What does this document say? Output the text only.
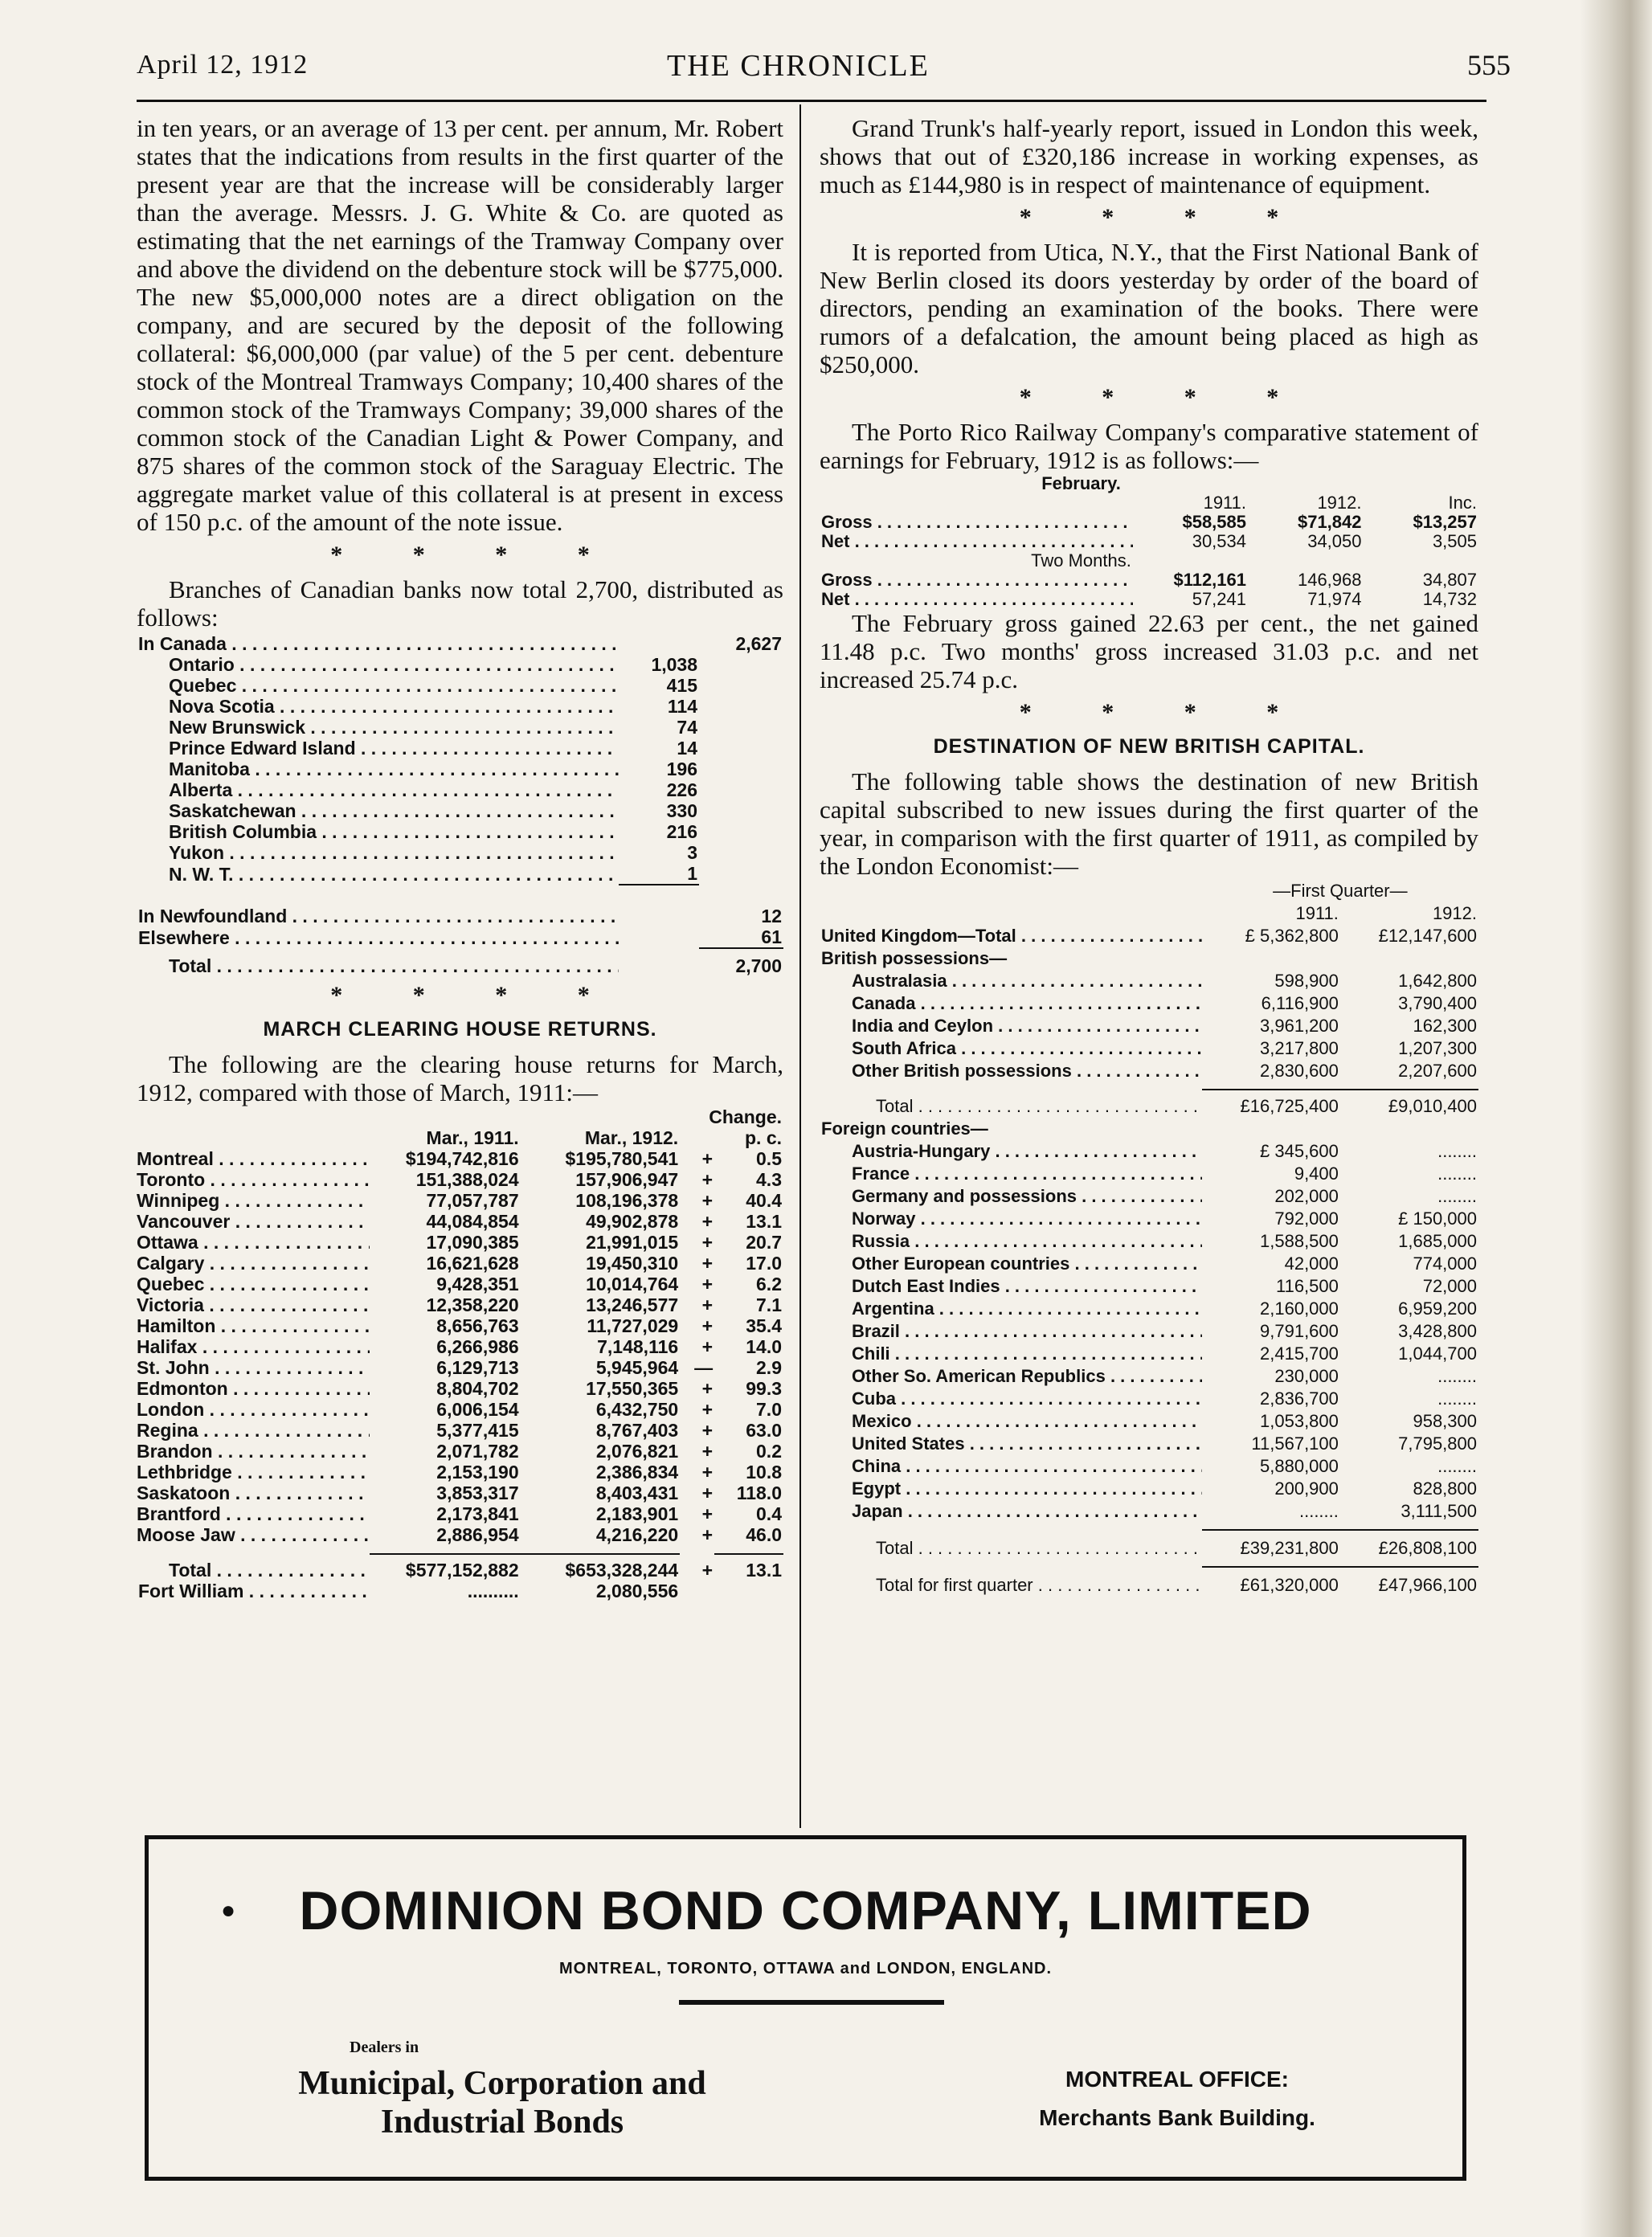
April 12, 1912	THE CHRONICLE	555

in ten years, or an average of 13 per cent. per annum, Mr. Robert states that the indications from results in the first quarter of the present year are that the increase will be considerably larger than the average. Messrs. J. G. White & Co. are quoted as estimating that the net earnings of the Tramway Company over and above the dividend on the debenture stock will be $775,000. The new $5,000,000 notes are a direct obligation on the company, and are secured by the deposit of the following collateral: $6,000,000 (par value) of the 5 per cent. debenture stock of the Montreal Tramways Company; 10,400 shares of the common stock of the Tramways Company; 39,000 shares of the common stock of the Canadian Light & Power Company, and 875 shares of the common stock of the Saraguay Electric. The aggregate market value of this collateral is at present in excess of 150 p.c. of the amount of the note issue.

* * * *

Branches of Canadian banks now total 2,700, distributed as follows:

In Canada . . .		2,627
Ontario . . .	1,038	
Quebec . . .	415	
Nova Scotia . . .	114	
New Brunswick . . .	74	
Prince Edward Island . . .	14	
Manitoba . . .	196	
Alberta . . .	226	
Saskatchewan . . .	330	
British Columbia . . .	216	
Yukon . . .	3	
N. W. T. . . .	1	

In Newfoundland . . .		12
Elsewhere . . .		61
Total . . .		2,700
* * * *
MARCH CLEARING HOUSE RETURNS.

The following are the clearing house returns for March, 1912, compared with those of March, 1911:—

			Change.	
	Mar., 1911.	Mar., 1912.		p. c.
Montreal . . .	$194,742,816	$195,780,541	+	0.5
Toronto . . .	151,388,024	157,906,947	+	4.3
Winnipeg . . .	77,057,787	108,196,378	+	40.4
Vancouver . . .	44,084,854	49,902,878	+	13.1
Ottawa . . .	17,090,385	21,991,015	+	20.7
Calgary . . .	16,621,628	19,450,310	+	17.0
Quebec . . .	9,428,351	10,014,764	+	6.2
Victoria . . .	12,358,220	13,246,577	+	7.1
Hamilton . . .	8,656,763	11,727,029	+	35.4
Halifax . . .	6,266,986	7,148,116	+	14.0
St. John . . .	6,129,713	5,945,964	—	2.9
Edmonton . . .	8,804,702	17,550,365	+	99.3
London . . .	6,006,154	6,432,750	+	7.0
Regina . . .	5,377,415	8,767,403	+	63.0
Brandon . . .	2,071,782	2,076,821	+	0.2
Lethbridge . . .	2,153,190	2,386,834	+	10.8
Saskatoon . . .	3,853,317	8,403,431	+	118.0
Brantford . . .	2,173,841	2,183,901	+	0.4
Moose Jaw . . .	2,886,954	4,216,220	+	46.0

Total . . .	$577,152,882	$653,328,244	+	13.1
Fort William . . .	..........	2,080,556		

Grand Trunk's half-yearly report, issued in London this week, shows that out of £320,186 increase in working expenses, as much as £144,980 is in respect of maintenance of equipment.

* * * *

It is reported from Utica, N.Y., that the First National Bank of New Berlin closed its doors yesterday by order of the board of directors, pending an examination of the books. There were rumors of a defalcation, the amount being placed as high as $250,000.

* * * *

The Porto Rico Railway Company's comparative statement of earnings for February, 1912 is as follows:—

February.			
	1911.	1912.	Inc.
Gross . . .	$58,585	$71,842	$13,257
Net . . .	30,534	34,050	3,505
Two Months.			
Gross . . .	$112,161	146,968	34,807
Net . . .	57,241	71,974	14,732

The February gross gained 22.63 per cent., the net gained 11.48 p.c. Two months' gross increased 31.03 p.c. and net increased 25.74 p.c.

* * * *
DESTINATION OF NEW BRITISH CAPITAL.

The following table shows the destination of new British capital subscribed to new issues during the first quarter of the year, in comparison with the first quarter of 1911, as compiled by the London Economist:—

	—First Quarter—	
	1911.	1912.
United Kingdom—Total . . .	£ 5,362,800	£12,147,600
British possessions—		
Australasia . . .	598,900	1,642,800
Canada . . .	6,116,900	3,790,400
India and Ceylon . . .	3,961,200	162,300
South Africa . . .	3,217,800	1,207,300
Other British possessions . . .	2,830,600	2,207,600

Total . . .	£16,725,400	£9,010,400
Foreign countries—		
Austria-Hungary . . .	£ 345,600	........
France . . .	9,400	........
Germany and possessions . . .	202,000	........
Norway . . .	792,000	£ 150,000
Russia . . .	1,588,500	1,685,000
Other European countries . . .	42,000	774,000
Dutch East Indies . . .	116,500	72,000
Argentina . . .	2,160,000	6,959,200
Brazil . . .	9,791,600	3,428,800
Chili . . .	2,415,700	1,044,700
Other So. American Republics . . .	230,000	........
Cuba . . .	2,836,700	........
Mexico . . .	1,053,800	958,300
United States . . .	11,567,100	7,795,800
China . . .	5,880,000	........
Egypt . . .	200,900	828,800
Japan . . .	........	3,111,500

Total . . .	£39,231,800	£26,808,100

Total for first quarter . . .	£61,320,000	£47,966,100
●	DOMINION BOND COMPANY, LIMITED
MONTREAL, TORONTO, OTTAWA and LONDON, ENGLAND.
Dealers in
Municipal, Corporation and
Industrial Bonds
MONTREAL OFFICE:
Merchants Bank Building.
